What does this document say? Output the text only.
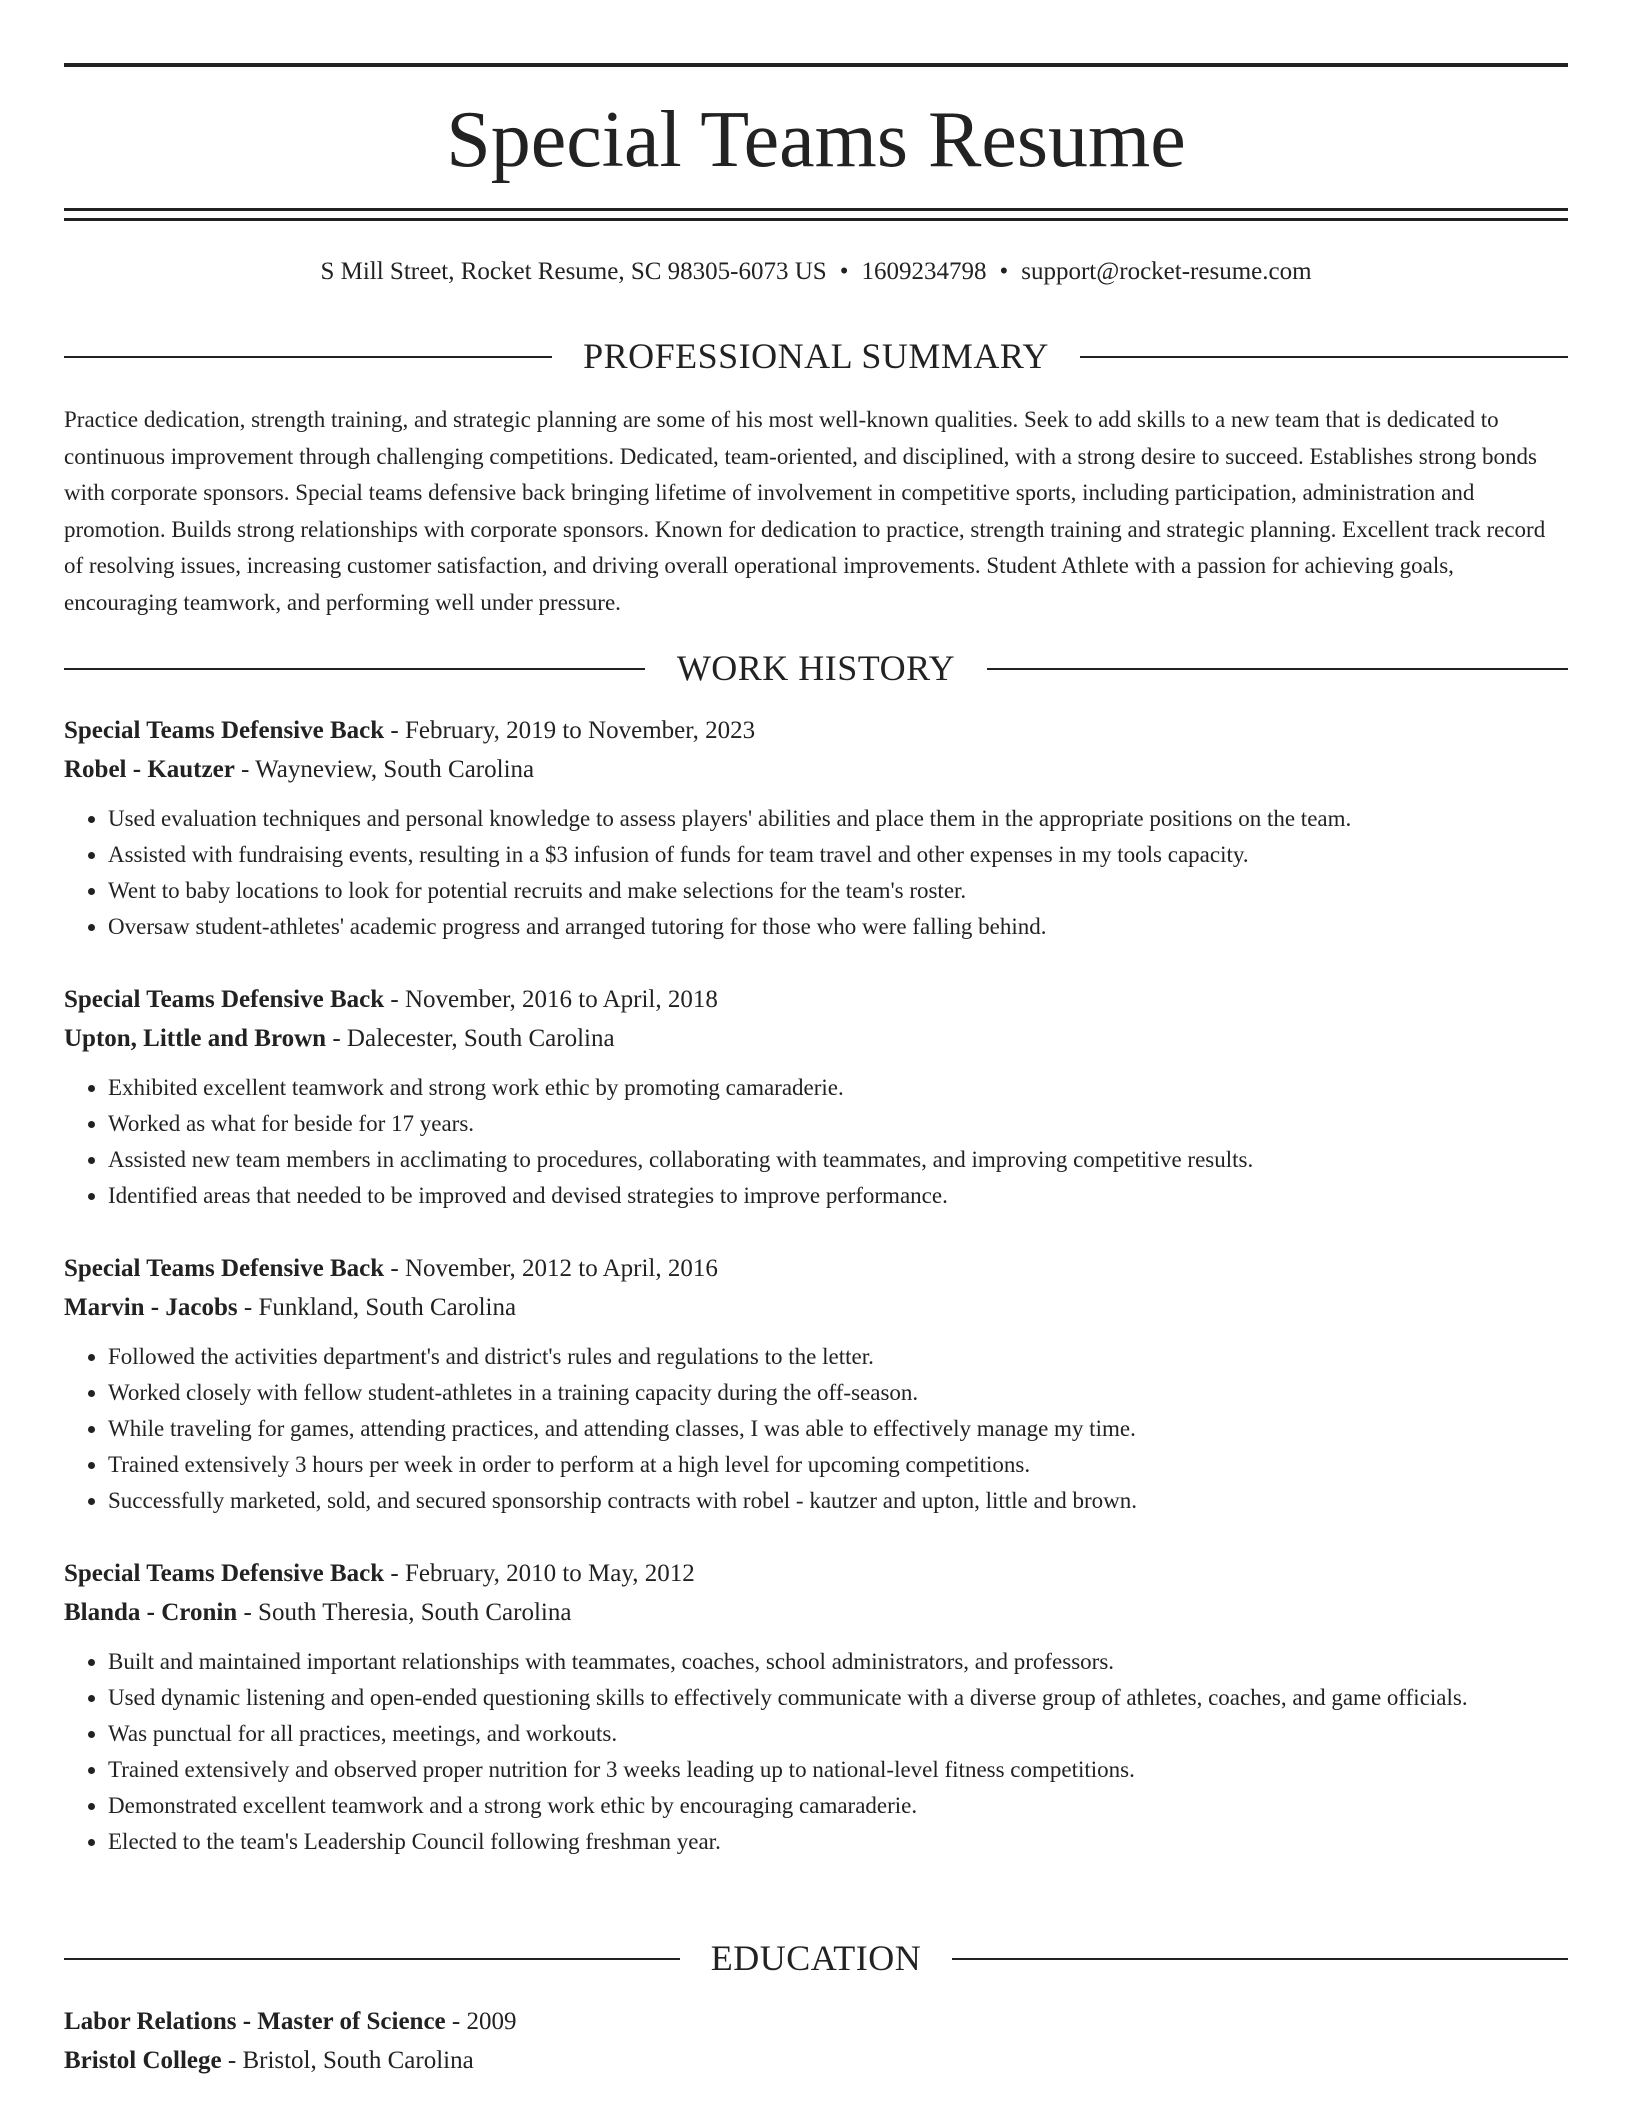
Special Teams Resume
S Mill Street, Rocket Resume, SC 98305-6073 US • 1609234798 • support@rocket-resume.com
PROFESSIONAL SUMMARY
Practice dedication, strength training, and strategic planning are some of his most well-known qualities. Seek to add skills to a new team that is dedicated to continuous improvement through challenging competitions. Dedicated, team-oriented, and disciplined, with a strong desire to succeed. Establishes strong bonds with corporate sponsors. Special teams defensive back bringing lifetime of involvement in competitive sports, including participation, administration and promotion. Builds strong relationships with corporate sponsors. Known for dedication to practice, strength training and strategic planning. Excellent track record of resolving issues, increasing customer satisfaction, and driving overall operational improvements. Student Athlete with a passion for achieving goals, encouraging teamwork, and performing well under pressure.
WORK HISTORY
Special Teams Defensive Back - February, 2019 to November, 2023
Robel - Kautzer - Wayneview, South Carolina
• Used evaluation techniques and personal knowledge to assess players' abilities and place them in the appropriate positions on the team.
• Assisted with fundraising events, resulting in a $3 infusion of funds for team travel and other expenses in my tools capacity.
• Went to baby locations to look for potential recruits and make selections for the team's roster.
• Oversaw student-athletes' academic progress and arranged tutoring for those who were falling behind.
Special Teams Defensive Back - November, 2016 to April, 2018
Upton, Little and Brown - Dalecester, South Carolina
• Exhibited excellent teamwork and strong work ethic by promoting camaraderie.
• Worked as what for beside for 17 years.
• Assisted new team members in acclimating to procedures, collaborating with teammates, and improving competitive results.
• Identified areas that needed to be improved and devised strategies to improve performance.
Special Teams Defensive Back - November, 2012 to April, 2016
Marvin - Jacobs - Funkland, South Carolina
• Followed the activities department's and district's rules and regulations to the letter.
• Worked closely with fellow student-athletes in a training capacity during the off-season.
• While traveling for games, attending practices, and attending classes, I was able to effectively manage my time.
• Trained extensively 3 hours per week in order to perform at a high level for upcoming competitions.
• Successfully marketed, sold, and secured sponsorship contracts with robel - kautzer and upton, little and brown.
Special Teams Defensive Back - February, 2010 to May, 2012
Blanda - Cronin - South Theresia, South Carolina
• Built and maintained important relationships with teammates, coaches, school administrators, and professors.
• Used dynamic listening and open-ended questioning skills to effectively communicate with a diverse group of athletes, coaches, and game officials.
• Was punctual for all practices, meetings, and workouts.
• Trained extensively and observed proper nutrition for 3 weeks leading up to national-level fitness competitions.
• Demonstrated excellent teamwork and a strong work ethic by encouraging camaraderie.
• Elected to the team's Leadership Council following freshman year.
EDUCATION
Labor Relations - Master of Science - 2009
Bristol College - Bristol, South Carolina
